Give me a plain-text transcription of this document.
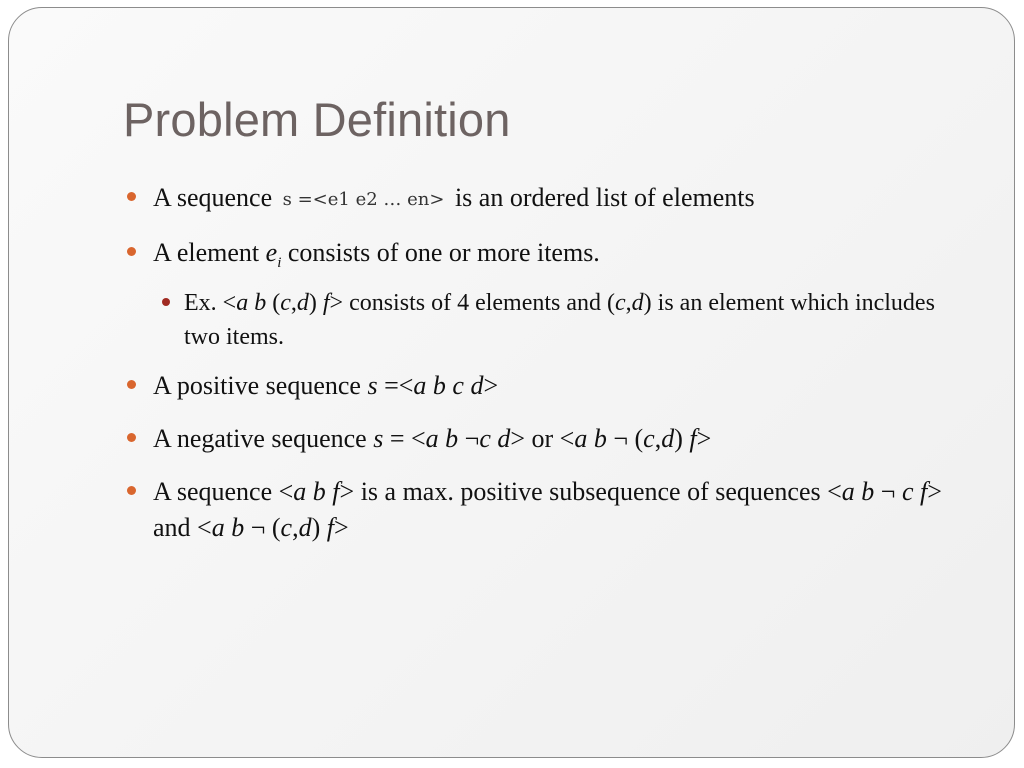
Problem Definition
A sequence s =<e1 e2 … en> is an ordered list of elements
A element $e_i$ consists of one or more items.
Ex. <a b (c,d) f> consists of 4 elements and (c,d) is an element which includes two items.
A positive sequence s =<a b c d>
A negative sequence s = <a b ¬c d> or <a b ¬ (c,d) f>
A sequence <a b f> is a max. positive subsequence of sequences <a b ¬ c f> and <a b ¬ (c,d) f>
